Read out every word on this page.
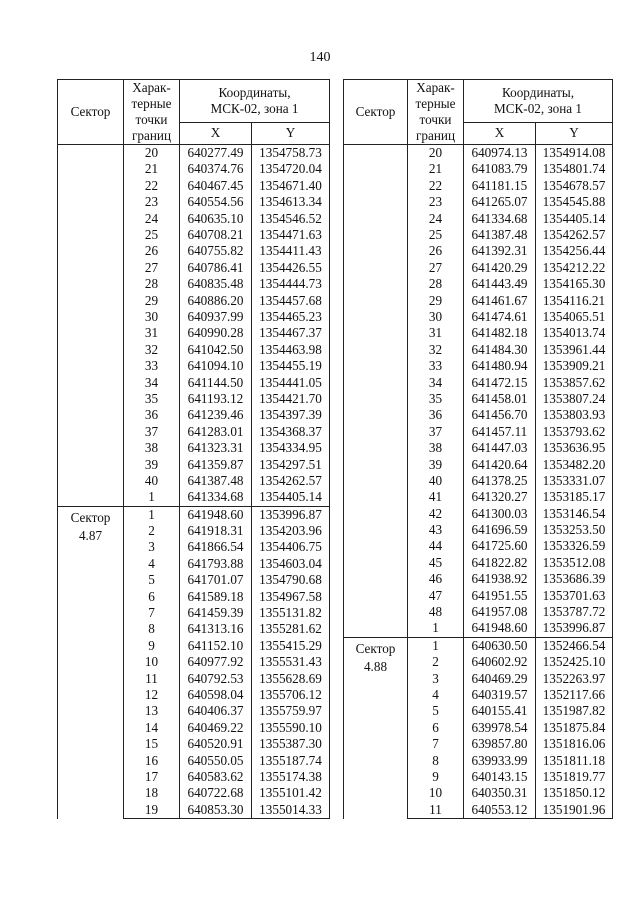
140
Сектор	Харак-
терные
точки
границ	Координаты,
МСК-02, зона 1	
		X	Y
	20	640277.49	1354758.73
	21	640374.76	1354720.04
	22	640467.45	1354671.40
	23	640554.56	1354613.34
	24	640635.10	1354546.52
	25	640708.21	1354471.63
	26	640755.82	1354411.43
	27	640786.41	1354426.55
	28	640835.48	1354444.73
	29	640886.20	1354457.68
	30	640937.99	1354465.23
	31	640990.28	1354467.37
	32	641042.50	1354463.98
	33	641094.10	1354455.19
	34	641144.50	1354441.05
	35	641193.12	1354421.70
	36	641239.46	1354397.39
	37	641283.01	1354368.37
	38	641323.31	1354334.95
	39	641359.87	1354297.51
	40	641387.48	1354262.57
	1	641334.68	1354405.14
Сектор 4.87	1	641948.60	1353996.87
	2	641918.31	1354203.96
	3	641866.54	1354406.75
	4	641793.88	1354603.04
	5	641701.07	1354790.68
	6	641589.18	1354967.58
	7	641459.39	1355131.82
	8	641313.16	1355281.62
	9	641152.10	1355415.29
	10	640977.92	1355531.43
	11	640792.53	1355628.69
	12	640598.04	1355706.12
	13	640406.37	1355759.97
	14	640469.22	1355590.10
	15	640520.91	1355387.30
	16	640550.05	1355187.74
	17	640583.62	1355174.38
	18	640722.68	1355101.42
	19	640853.30	1355014.33
Сектор	Харак-
терные
точки
границ	Координаты,
МСК-02, зона 1	
		X	Y
	20	640974.13	1354914.08
	21	641083.79	1354801.74
	22	641181.15	1354678.57
	23	641265.07	1354545.88
	24	641334.68	1354405.14
	25	641387.48	1354262.57
	26	641392.31	1354256.44
	27	641420.29	1354212.22
	28	641443.49	1354165.30
	29	641461.67	1354116.21
	30	641474.61	1354065.51
	31	641482.18	1354013.74
	32	641484.30	1353961.44
	33	641480.94	1353909.21
	34	641472.15	1353857.62
	35	641458.01	1353807.24
	36	641456.70	1353803.93
	37	641457.11	1353793.62
	38	641447.03	1353636.95
	39	641420.64	1353482.20
	40	641378.25	1353331.07
	41	641320.27	1353185.17
	42	641300.03	1353146.54
	43	641696.59	1353253.50
	44	641725.60	1353326.59
	45	641822.82	1353512.08
	46	641938.92	1353686.39
	47	641951.55	1353701.63
	48	641957.08	1353787.72
	1	641948.60	1353996.87
Сектор 4.88	1	640630.50	1352466.54
	2	640602.92	1352425.10
	3	640469.29	1352263.97
	4	640319.57	1352117.66
	5	640155.41	1351987.82
	6	639978.54	1351875.84
	7	639857.80	1351816.06
	8	639933.99	1351811.18
	9	640143.15	1351819.77
	10	640350.31	1351850.12
	11	640553.12	1351901.96
